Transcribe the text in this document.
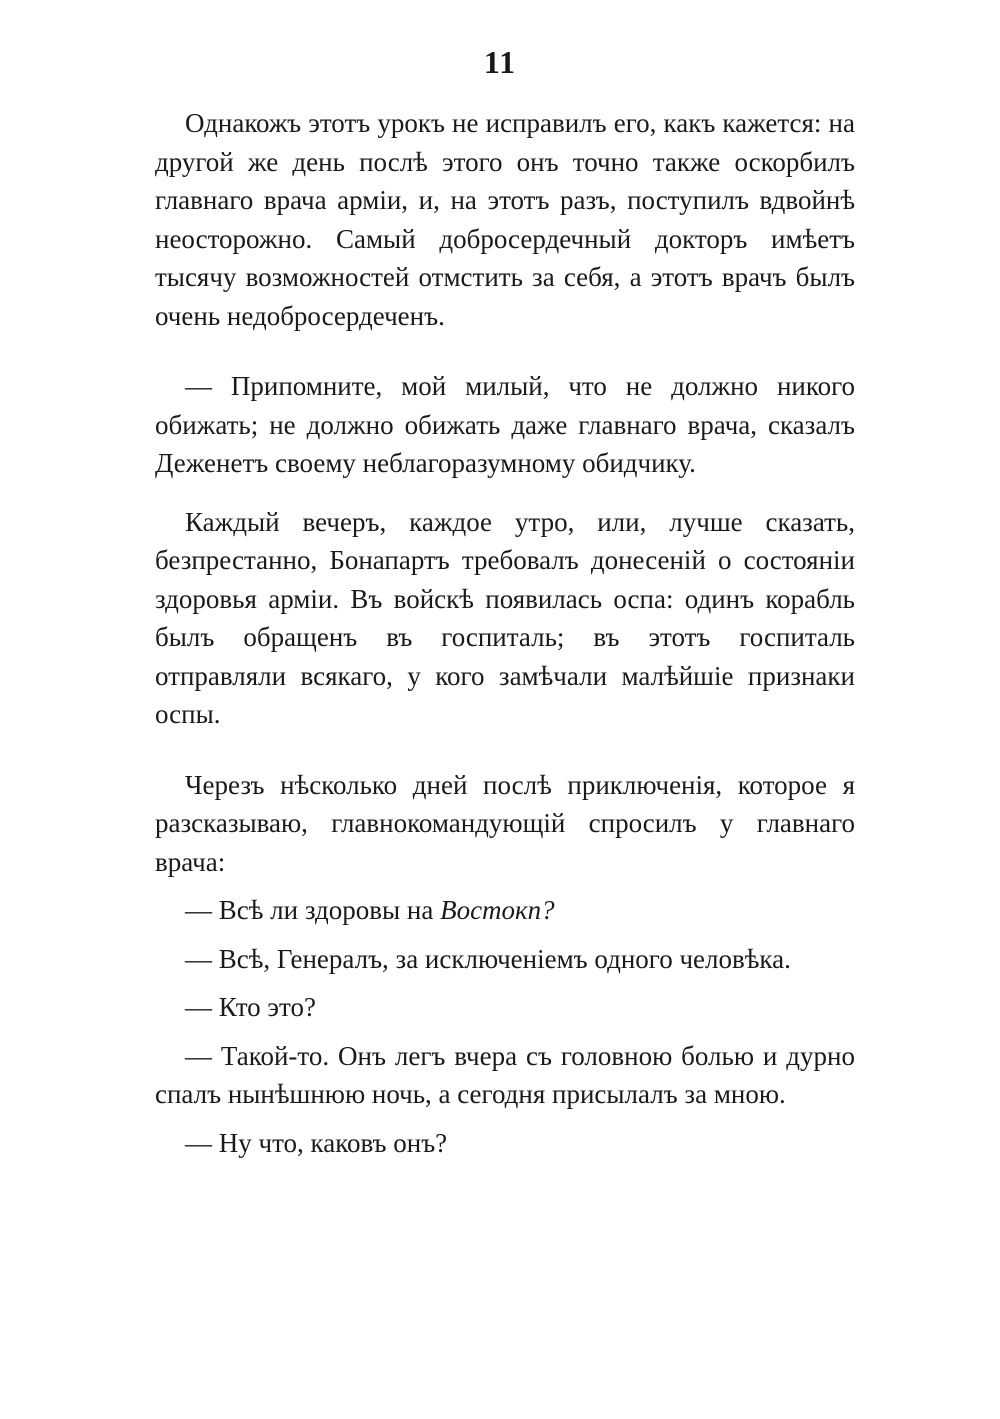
11

Однакожъ этотъ урокъ не исправилъ его, какъ кажется: на другой же день послѣ этого онъ точно также оскорбилъ главнаго врача арміи, и, на этотъ разъ, поступилъ вдвойнѣ неосторожно. Самый добросердечный докторъ имѣетъ тысячу возможностей отмстить за себя, а этотъ врачъ былъ очень недобросердеченъ.

— Припомните, мой милый, что не должно никого обижать; не должно обижать даже главнаго врача, сказалъ Деженетъ своему неблагоразумному обидчику.

Каждый вечеръ, каждое утро, или, лучше сказать, безпрестанно, Бонапартъ требовалъ донесеній о состояніи здоровья арміи. Въ войскѣ появилась оспа: одинъ корабль былъ обращенъ въ госпиталь; въ этотъ госпиталь отправляли всякаго, у кого замѣчали малѣйшіе признаки оспы.

Черезъ нѣсколько дней послѣ приключенія, которое я разсказываю, главнокомандующій спросилъ у главнаго врача:

— Всѣ ли здоровы на Востокп?

— Всѣ, Генералъ, за исключеніемъ одного человѣка.

— Кто это?

— Такой-то. Онъ легъ вчера съ головною болью и дурно спалъ нынѣшнюю ночь, а сегодня присылалъ за мною.

— Ну что, каковъ онъ?
